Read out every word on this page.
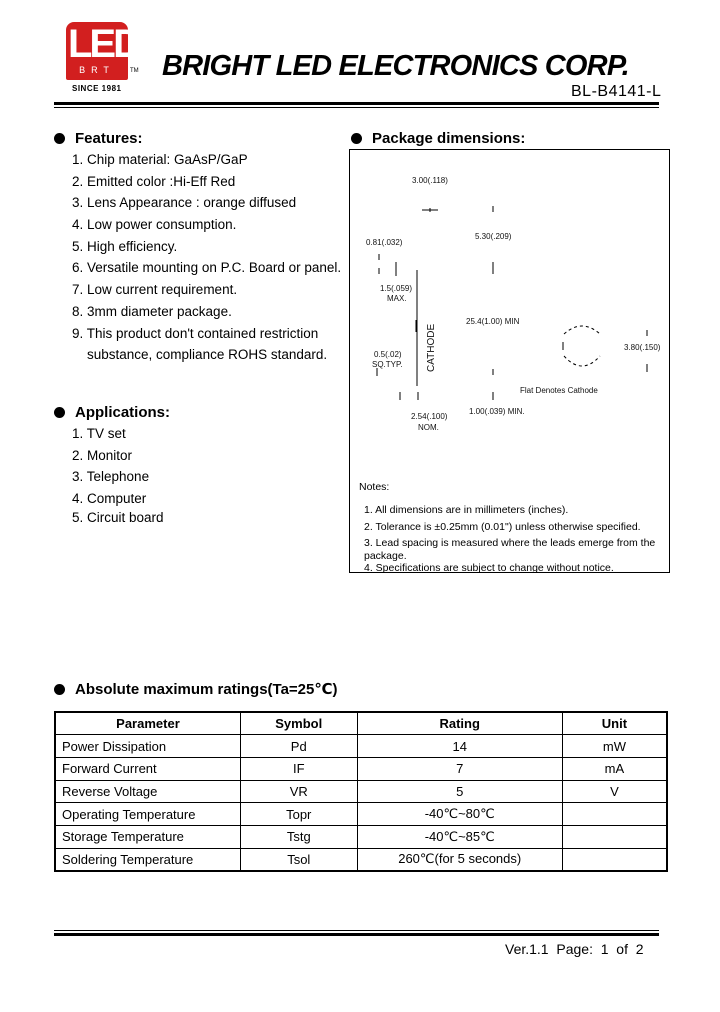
LED
BRT	TM
SINCE 1981
BRIGHT LED ELECTRONICS CORP.
BL-B4141-L
Features:
1. Chip material: GaAsP/GaP
2. Emitted color :Hi-Eff Red
3. Lens Appearance : orange diffused
4. Low power consumption.
5. High efficiency.
6. Versatile mounting on P.C. Board or panel.
7. Low current requirement.
8. 3mm diameter package.
9. This product don't contained restriction
substance, compliance ROHS standard.
Applications:
1. TV set
2. Monitor
3. Telephone
4. Computer
5. Circuit board
Package dimensions:
3.00(.118)
5.30(.209)
0.81(.032)
1.5(.059)
MAX.
25.4(1.00) MIN
3.80(.150)
0.5(.02)
SQ.TYP. CATHODE
Flat Denotes Cathode
2.54(.100)
NOM.
1.00(.039) MIN.
Notes:
1. All dimensions are in millimeters (inches).
2. Tolerance is ±0.25mm (0.01") unless otherwise specified.
3. Lead spacing is measured where the leads emerge from the package.
4. Specifications are subject to change without notice.
Absolute maximum ratings(Ta=25℃)
Parameter	Symbol	Rating	Unit
Power Dissipation	Pd	14	mW
Forward Current	IF	7	mA
Reverse Voltage	VR	5	V
Operating Temperature	Topr	-40℃~80℃	
Storage Temperature	Tstg	-40℃~85℃	
Soldering Temperature	Tsol	260℃(for 5 seconds)	
Ver.1.1  Page:  1  of  2
